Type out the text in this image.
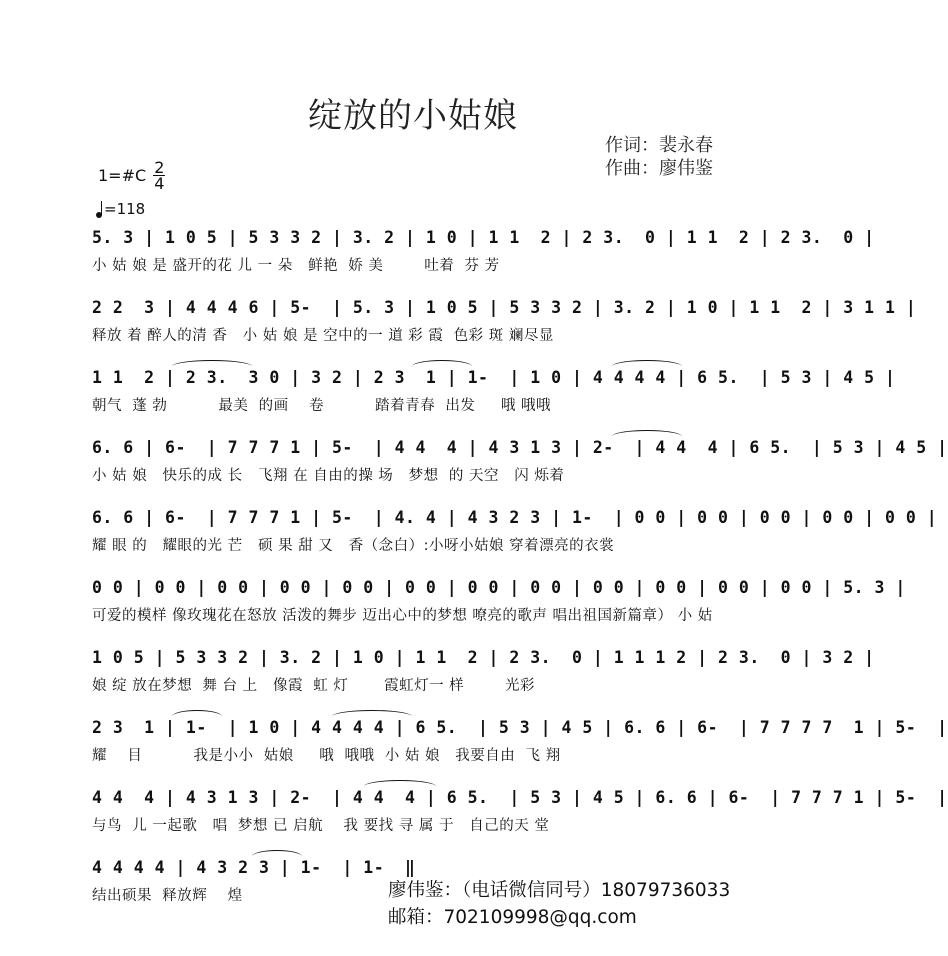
绽放的小姑娘
作词：裴永春
作曲：廖伟鉴
1=#C $\frac{2}{4}$
=118
5. 3 | 1 0 5 | 5 3 3 2 | 3. 2 | 1 0 | 1 1  2 | 2 3.  0 | 1 1  2 | 2 3.  0 |
小 姑 娘 是 盛开的花 儿 一 朵   鲜艳  娇 美        吐着  芬 芳
2 2  3 | 4 4 4 6 | 5-  | 5. 3 | 1 0 5 | 5 3 3 2 | 3. 2 | 1 0 | 1 1  2 | 3 1 1 |
释放 着 醉人的清 香   小 姑 娘 是 空中的一 道 彩 霞  色彩 斑 斓尽显
1 1  2 | 2 3.  3 0 | 3 2 | 2 3  1 | 1-  | 1 0 | 4 4 4 4 | 6 5.  | 5 3 | 4 5 |
朝气  蓬 勃          最美  的画    卷          踏着青春  出发     哦 哦哦
6. 6 | 6-  | 7 7 7 1 | 5-  | 4 4  4 | 4 3 1 3 | 2-  | 4 4  4 | 6 5.  | 5 3 | 4 5 |
小 姑 娘   快乐的成 长   飞翔 在 自由的操 场   梦想  的 天空   闪 烁着
6. 6 | 6-  | 7 7 7 1 | 5-  | 4. 4 | 4 3 2 3 | 1-  | 0 0 | 0 0 | 0 0 | 0 0 | 0 0 |
耀 眼 的   耀眼的光 芒   硕 果 甜 又   香（念白）:小呀小姑娘 穿着漂亮的衣裳
0 0 | 0 0 | 0 0 | 0 0 | 0 0 | 0 0 | 0 0 | 0 0 | 0 0 | 0 0 | 0 0 | 0 0 | 5. 3 |
可爱的模样 像玫瑰花在怒放 活泼的舞步 迈出心中的梦想 嘹亮的歌声 唱出祖国新篇章） 小 姑
1 0 5 | 5 3 3 2 | 3. 2 | 1 0 | 1 1  2 | 2 3.  0 | 1 1 1 2 | 2 3.  0 | 3 2 |
娘 绽 放在梦想  舞 台 上   像霞  虹 灯       霞虹灯一 样        光彩
2 3  1 | 1-  | 1 0 | 4 4 4 4 | 6 5.  | 5 3 | 4 5 | 6. 6 | 6-  | 7 7 7 7  1 | 5-  |
耀    目          我是小小  姑娘     哦  哦哦  小 姑 娘   我要自由  飞 翔
4 4  4 | 4 3 1 3 | 2-  | 4 4  4 | 6 5.  | 5 3 | 4 5 | 6. 6 | 6-  | 7 7 7 1 | 5-  |
与鸟  儿 一起歌   唱  梦想 已 启航    我 要找 寻 属 于   自己的天 堂
4 4 4 4 | 4 3 2 3 | 1-  | 1-  ‖
结出硕果  释放辉    煌	廖伟鉴：（电话微信同号）18079736033
邮箱：702109998@qq.com
